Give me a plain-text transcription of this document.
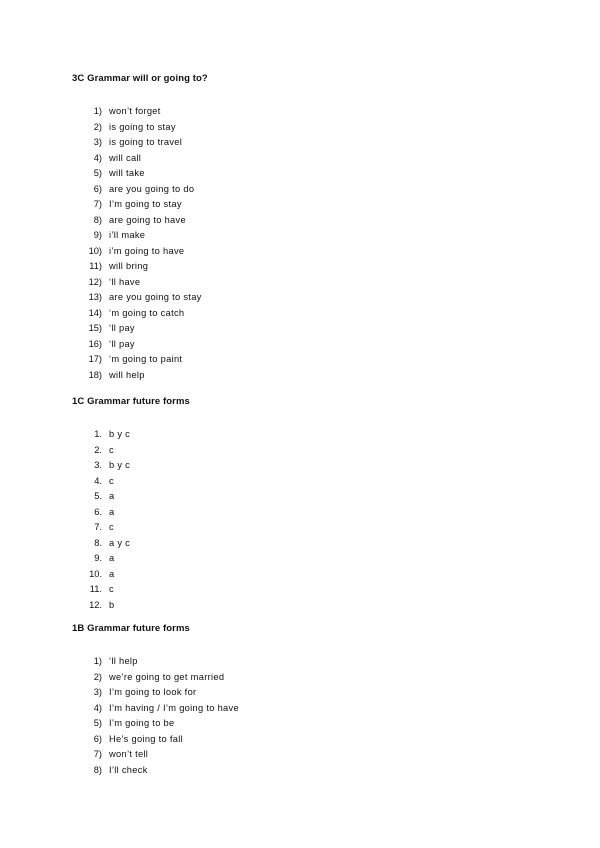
3C Grammar will or going to?
1) won’t forget
2) is going to stay
3) is going to travel
4) will call
5) will take
6) are you going to do
7) I’m going to stay
8) are going to have
9) i’ll make
10) i’m going to have
11) will bring
12) ‘ll have
13) are you going to stay
14) ‘m going to catch
15) ‘ll pay
16) ‘ll pay
17) ‘m going to paint
18) will help
1C Grammar future forms
1. b y c
2. c
3. b y c
4. c
5. a
6. a
7. c
8. a y c
9. a
10. a
11. c
12. b
1B Grammar future forms
1) ‘ll help
2) we’re going to get married
3) I’m going to look for
4) I’m having / I’m going to have
5) I’m going to be
6) He’s going to fall
7) won’t tell
8) I’ll check
